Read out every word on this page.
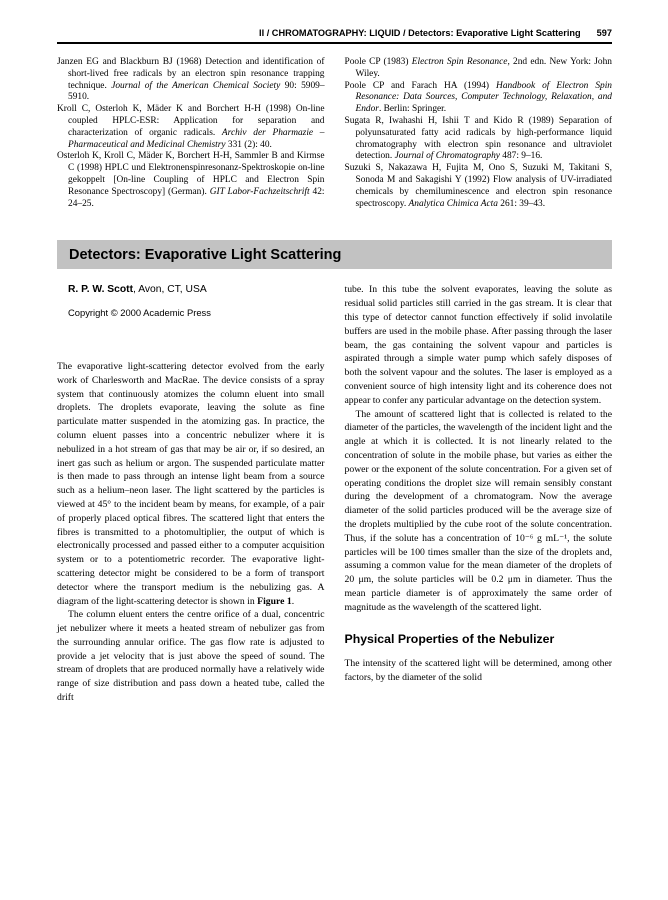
II / CHROMATOGRAPHY: LIQUID / Detectors: Evaporative Light Scattering 597

Janzen EG and Blackburn BJ (1968) Detection and identification of short-lived free radicals by an electron spin resonance trapping technique. Journal of the American Chemical Society 90: 5909–5910.

Kroll C, Osterloh K, Mäder K and Borchert H-H (1998) On-line coupled HPLC-ESR: Application for separation and characterization of organic radicals. Archiv der Pharmazie – Pharmaceutical and Medicinal Chemistry 331 (2): 40.

Osterloh K, Kroll C, Mäder K, Borchert H-H, Sammler B and Kirmse C (1998) HPLC und Elektronenspinresonanz-Spektroskopie on-line gekoppelt [On-line Coupling of HPLC and Electron Spin Resonance Spectroscopy] (German). GIT Labor-Fachzeitschrift 42: 24–25.

Poole CP (1983) Electron Spin Resonance, 2nd edn. New York: John Wiley.

Poole CP and Farach HA (1994) Handbook of Electron Spin Resonance: Data Sources, Computer Technology, Relaxation, and Endor. Berlin: Springer.

Sugata R, Iwahashi H, Ishii T and Kido R (1989) Separation of polyunsaturated fatty acid radicals by high-performance liquid chromatography with electron spin resonance and ultraviolet detection. Journal of Chromatography 487: 9–16.

Suzuki S, Nakazawa H, Fujita M, Ono S, Suzuki M, Takitani S, Sonoda M and Sakagishi Y (1992) Flow analysis of UV-irradiated chemicals by chemiluminescence and electron spin resonance spectroscopy. Analytica Chimica Acta 261: 39–43.

Detectors: Evaporative Light Scattering

R. P. W. Scott, Avon, CT, USA

Copyright © 2000 Academic Press

The evaporative light-scattering detector evolved from the early work of Charlesworth and MacRae. The device consists of a spray system that continuously atomizes the column eluent into small droplets. The droplets evaporate, leaving the solute as fine particulate matter suspended in the atomizing gas. In practice, the column eluent passes into a concentric nebulizer where it is nebulized in a hot stream of gas that may be air or, if so desired, an inert gas such as helium or argon. The suspended particulate matter is then made to pass through an intense light beam from a source such as a helium–neon laser. The light scattered by the particles is viewed at 45° to the incident beam by means, for example, of a pair of properly placed optical fibres. The scattered light that enters the fibres is transmitted to a photomultiplier, the output of which is electronically processed and passed either to a computer acquisition system or to a potentiometric recorder. The evaporative light-scattering detector might be considered to be a form of transport detector where the transport medium is the nebulizing gas. A diagram of the light-scattering detector is shown in Figure 1.

The column eluent enters the centre orifice of a dual, concentric jet nebulizer where it meets a heated stream of nebulizer gas from the surrounding annular orifice. The gas flow rate is adjusted to provide a jet velocity that is just above the speed of sound. The stream of droplets that are produced normally have a relatively wide range of size distribution and pass down a heated tube, called the drift

tube. In this tube the solvent evaporates, leaving the solute as residual solid particles still carried in the gas stream. It is clear that this type of detector cannot function effectively if solid involatile buffers are used in the mobile phase. After passing through the laser beam, the gas containing the solvent vapour and particles is aspirated through a simple water pump which safely disposes of both the solvent vapour and the solutes. The laser is employed as a convenient source of high intensity light and its coherence does not appear to confer any particular advantage on the detection system.

The amount of scattered light that is collected is related to the diameter of the particles, the wavelength of the incident light and the angle at which it is collected. It is not linearly related to the concentration of solute in the mobile phase, but varies as either the power or the exponent of the solute concentration. For a given set of operating conditions the droplet size will remain sensibly constant during the development of a chromatogram. Now the average diameter of the solid particles produced will be the average size of the droplets multiplied by the cube root of the solute concentration. Thus, if the solute has a concentration of 10⁻⁶ g mL⁻¹, the solute particles will be 100 times smaller than the size of the droplets and, assuming a common value for the mean diameter of the droplets of 20 μm, the solute particles will be 0.2 μm in diameter. Thus the mean particle diameter is of approximately the same order of magnitude as the wavelength of the scattered light.

Physical Properties of the Nebulizer

The intensity of the scattered light will be determined, among other factors, by the diameter of the solid
